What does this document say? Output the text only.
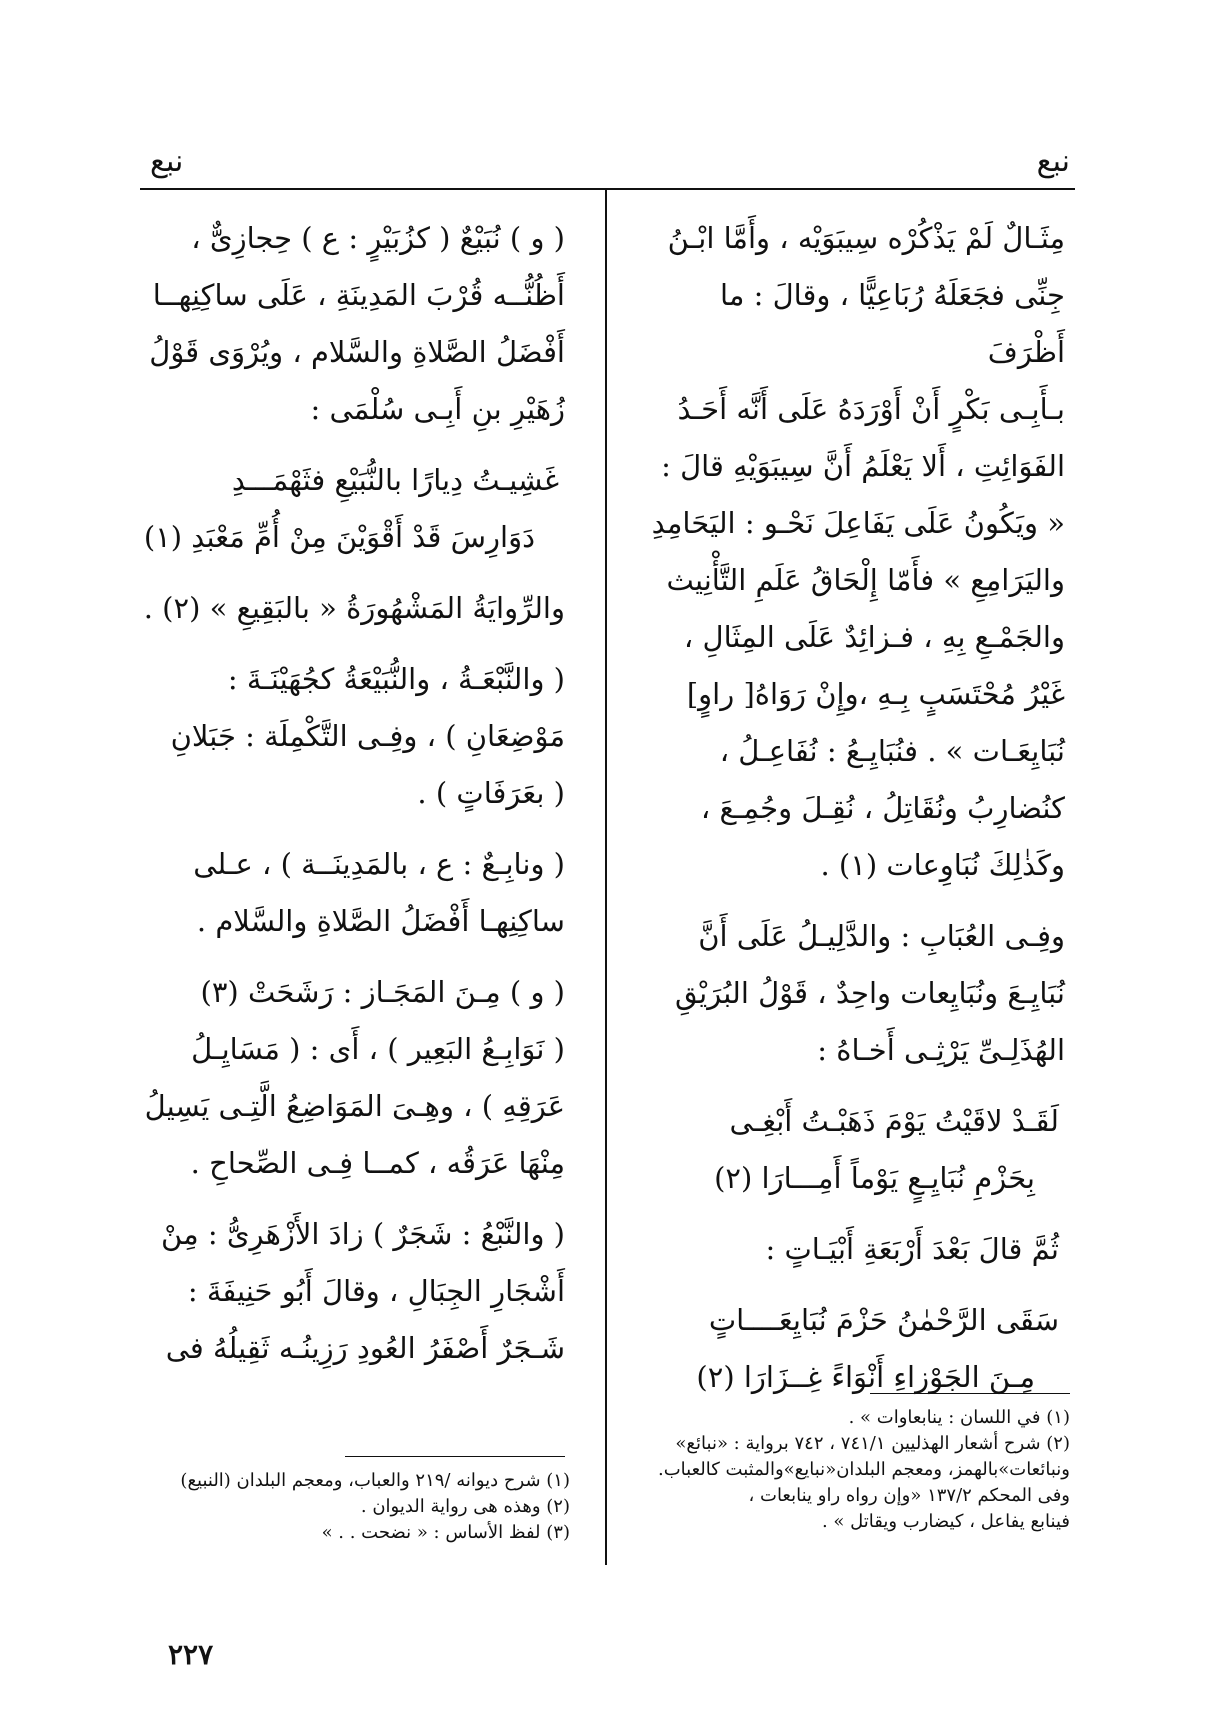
نبع
نبع

مِثَـالٌ لَمْ يَذْكُرْه سِيبَوَيْه ، وأَمَّا ابْـنُ

جِنِّى فجَعَلَهُ رُبَاعِيًّا ، وقالَ : ما أَظْرَفَ

بـأَبِـى بَكْرٍ أَنْ أَوْرَدَهُ عَلَى أَنَّه أَحَـدُ

الفَوَائِتِ ، أَلا يَعْلَمُ أَنَّ سِيبَوَيْهِ قالَ :

« ويَكُونُ عَلَى يَفَاعِلَ نَحْـو : اليَحَامِدِ

واليَرَامِعِ » فأَمّا إِلْحَاقُ عَلَمِ التَّأْنِيث

والجَمْـعِ بِهِ ، فـزائِدٌ عَلَى المِثَالِ ،

غَيْرُ مُحْتَسَبٍ بِـهِ ،وإِنْ رَوَاهُ[ راوٍ]

نُبَايِعَـات » . فنُبَايِـعُ : نُفَاعِـلُ ،

كنُضارِبُ ونُقَاتِلُ ، نُقِـلَ وجُمِـعَ ،

وكَذٰلِكَ نُبَاوِعات (١) .

وفِـى العُبَابِ : والدَّلِيـلُ عَلَى أَنَّ

نُبَايِـعَ ونُبَايِعات واحِدٌ ، قَوْلُ البُرَيْقِ

الهُذَلِـىِّ يَرْثِـى أَخـاهُ :

لَقَـدْ لاقَيْتُ يَوْمَ ذَهَبْـتُ أَبْغِـى

بِحَزْمِ نُبَايِـعٍ يَوْماً أَمِـــارَا (٢)

ثُمَّ قالَ بَعْدَ أَرْبَعَةِ أَبْيَـاتٍ :

سَقَى الرَّحْمٰنُ حَزْمَ نُبَايِعَــــاتٍ

مِـنَ الجَوْزاءِ أَنْوَاءً غِــزَارَا (٢)

( و ) نُبَيْعٌ ( كزُبَيْرٍ : ع ) حِجازِىٌّ ،

أَظُنُّــه قُرْبَ المَدِينَةِ ، عَلَى ساكِنِهــا

أَفْضَلُ الصَّلاةِ والسَّلام ، ويُرْوَى قَوْلُ

زُهَيْرِ بنِ أَبِـى سُلْمَى :

غَشِيـتُ دِيارًا بالنُّبَيْعِ فثَهْمَـــدِ

دَوَارِسَ قَدْ أَقْوَيْنَ مِنْ أُمِّ مَعْبَدِ (١)

والرِّوايَةُ المَشْهُورَةُ « بالبَقِيعِ » (٢) .

( والنَّبْعَـةُ ، والنُّبَيْعَةُ كجُهَيْنَـةَ :

مَوْضِعَانِ ) ، وفِـى التَّكْمِلَة : جَبَلانِ

( بعَرَفَاتٍ ) .

( ونابِـعٌ : ع ، بالمَدِينَــة ) ، عـلى

ساكِنِهـا أَفْضَلُ الصَّلاةِ والسَّلام .

( و ) مِـنَ المَجَـاز : رَشَحَتْ (٣)

( نَوَابِـعُ البَعِير ) ، أَى : ( مَسَايِـلُ

عَرَقِهِ ) ، وهِـىَ المَوَاضِعُ الَّتِـى يَسِيلُ

مِنْهَا عَرَقُه ، كمــا فِـى الصِّحاحِ .

( والنَّبْعُ : شَجَرٌ ) زادَ الأَزْهَرِىُّ : مِنْ

أَشْجَارِ الجِبَالِ ، وقالَ أَبُو حَنِيفَةَ :

شَـجَرٌ أَصْفَرُ العُودِ رَزِينُـه ثَقِيلُهُ فى

(١) في اللسان : ينابعاوات » .

(٢) شرح أشعار الهذليين ٧٤١/١ ، ٧٤٢ برواية : «نبائع»

ونبائعات»بالهمز، ومعجم البلدان«نبايع»والمثبت كالعباب.

وفى المحكم ١٣٧/٢ «وإن رواه راو ينابعات ،

فينابع يفاعل ، كيضارب ويقاتل » .

(١) شرح ديوانه /٢١٩ والعباب، ومعجم البلدان (النبيع)

(٢) وهذه هى رواية الديوان .

(٣) لفظ الأساس : « نضحت . . »

٢٢٧
